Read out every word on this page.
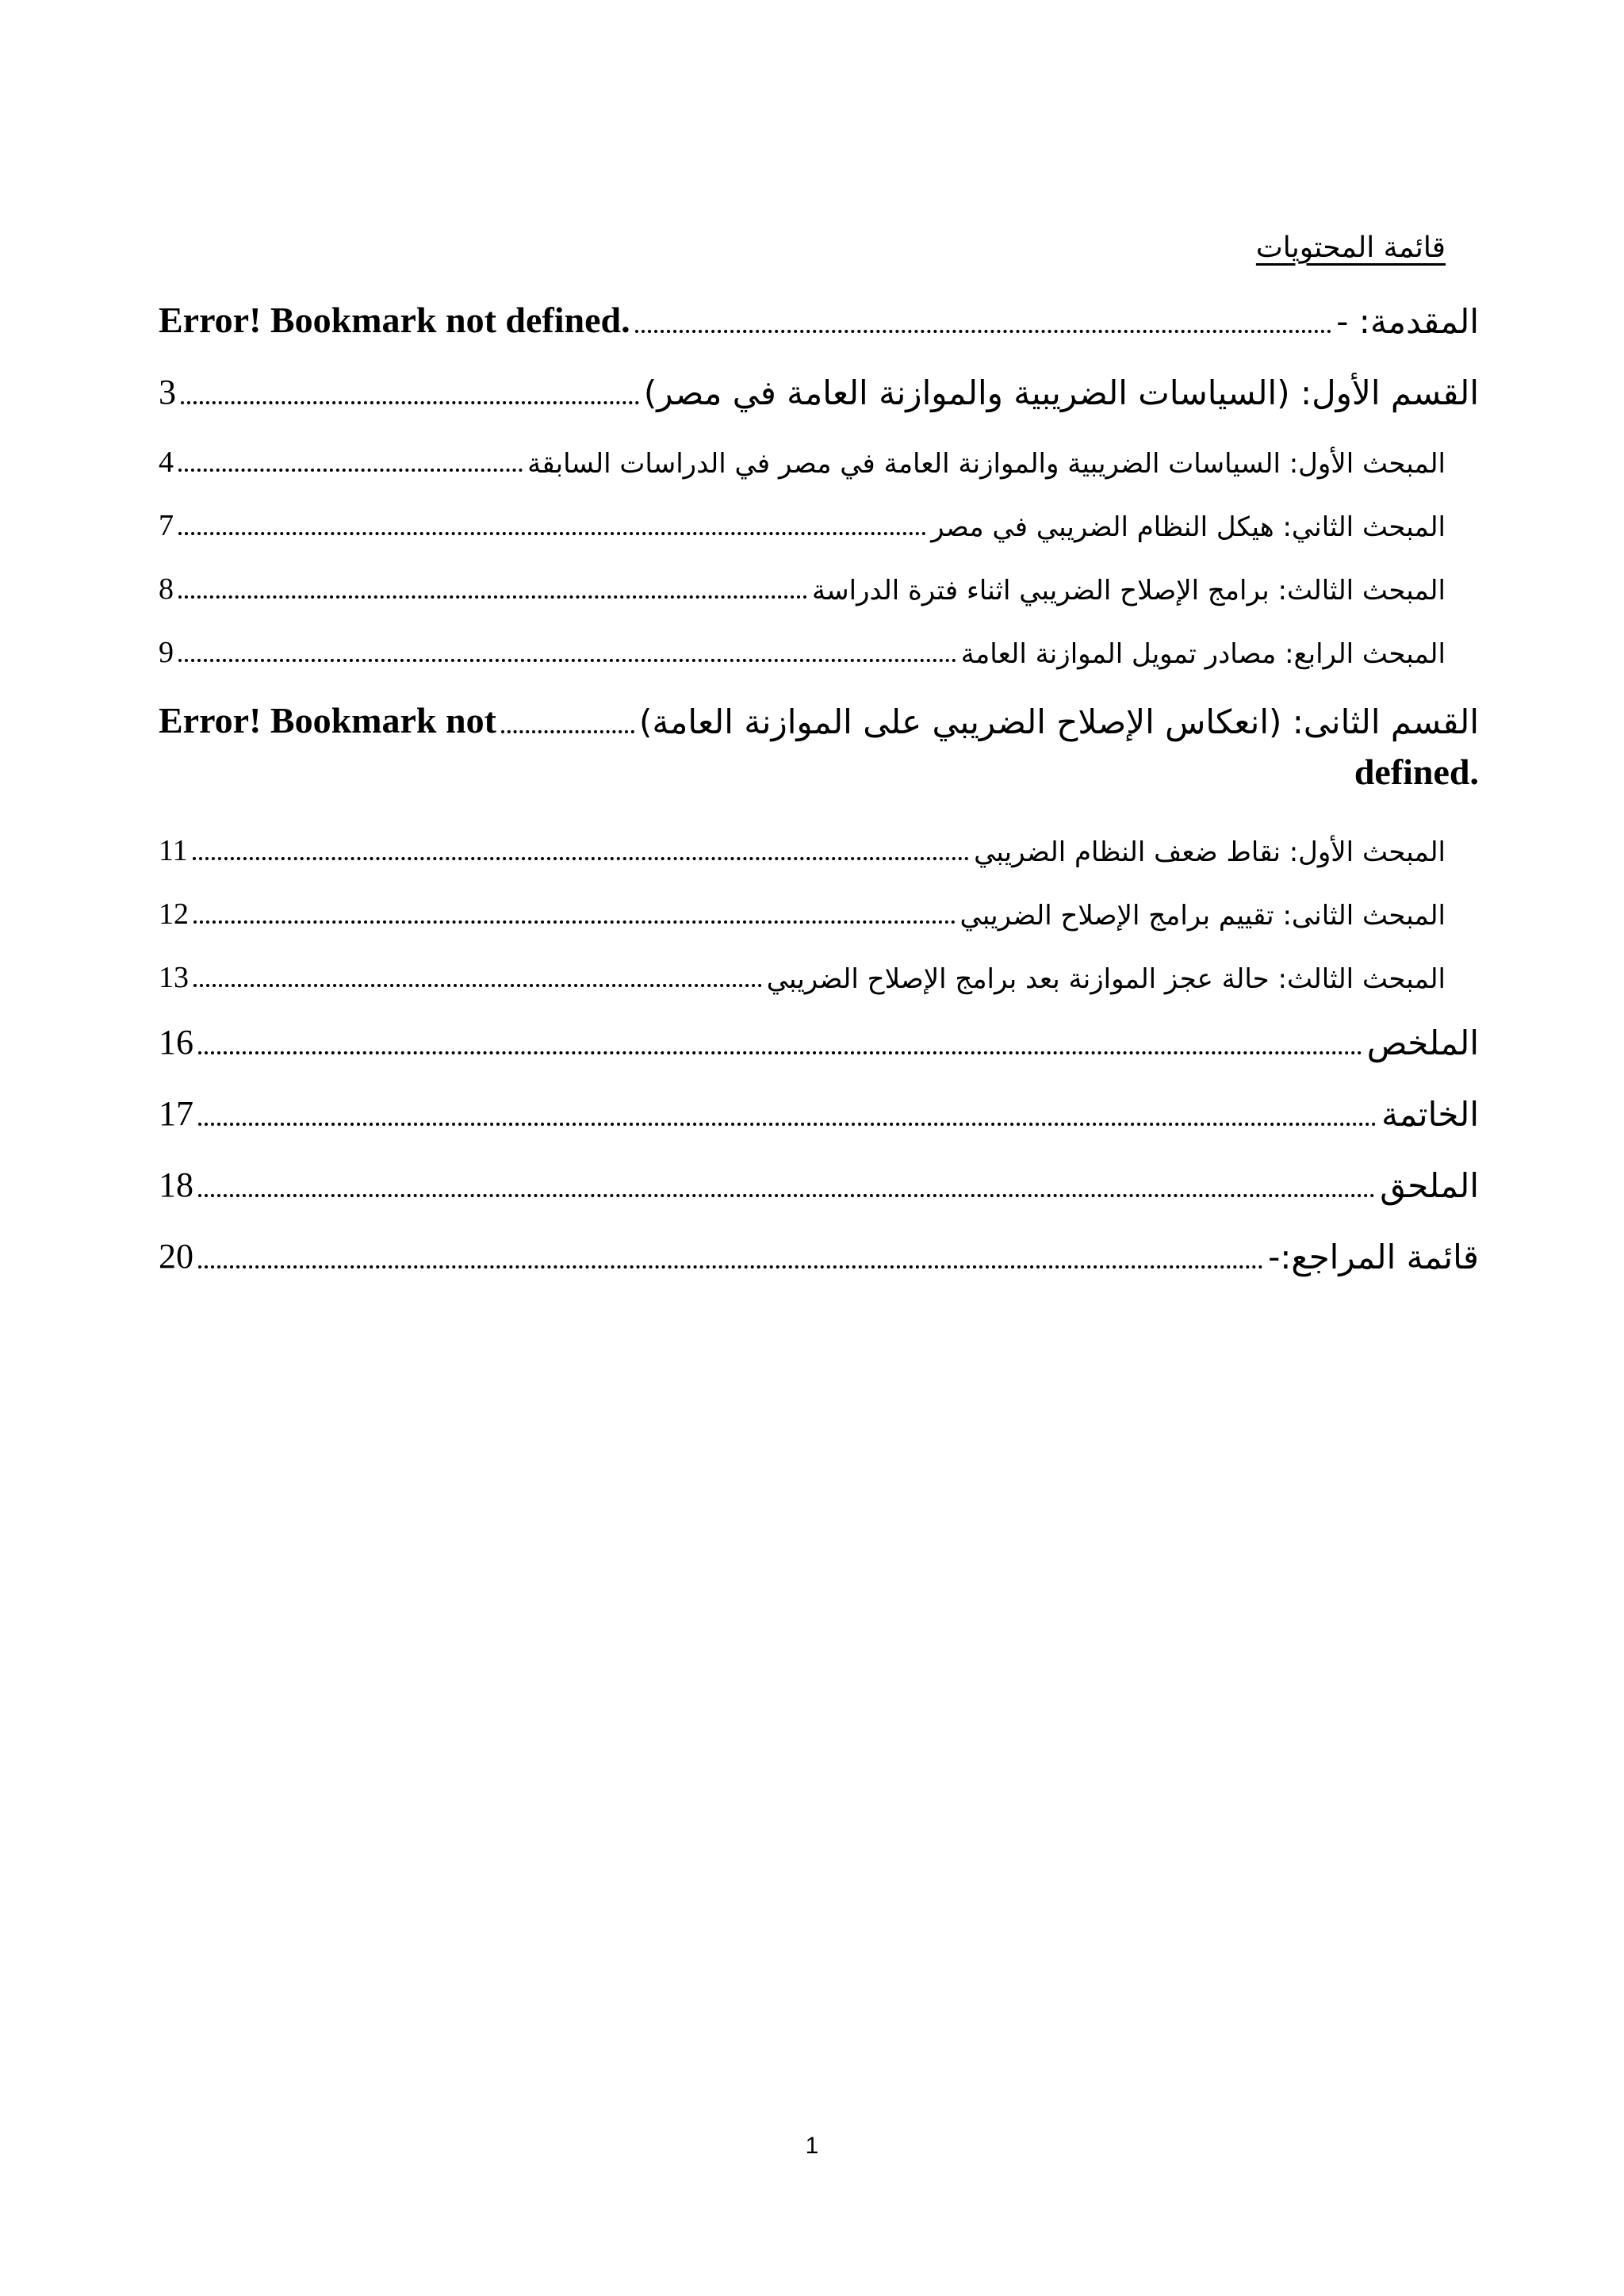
قائمة المحتويات
المقدمة: -
Error! Bookmark not defined.
القسم الأول: (السياسات الضريبية والموازنة العامة في مصر)
3
المبحث الأول: السياسات الضريبية والموازنة العامة في مصر في الدراسات السابقة
4
المبحث الثاني: هيكل النظام الضريبي في مصر
7
المبحث الثالث: برامج الإصلاح الضريبي اثناء فترة الدراسة
8
المبحث الرابع: مصادر تمويل الموازنة العامة
9
القسم الثانى: (انعكاس الإصلاح الضريبي على الموازنة العامة)
Error! Bookmark not
defined.
المبحث الأول: نقاط ضعف النظام الضريبي
11
المبحث الثانى: تقييم برامج الإصلاح الضريبي
12
المبحث الثالث: حالة عجز الموازنة بعد برامج الإصلاح الضريبي
13
الملخص
16
الخاتمة
17
الملحق
18
قائمة المراجع:-
20
1
